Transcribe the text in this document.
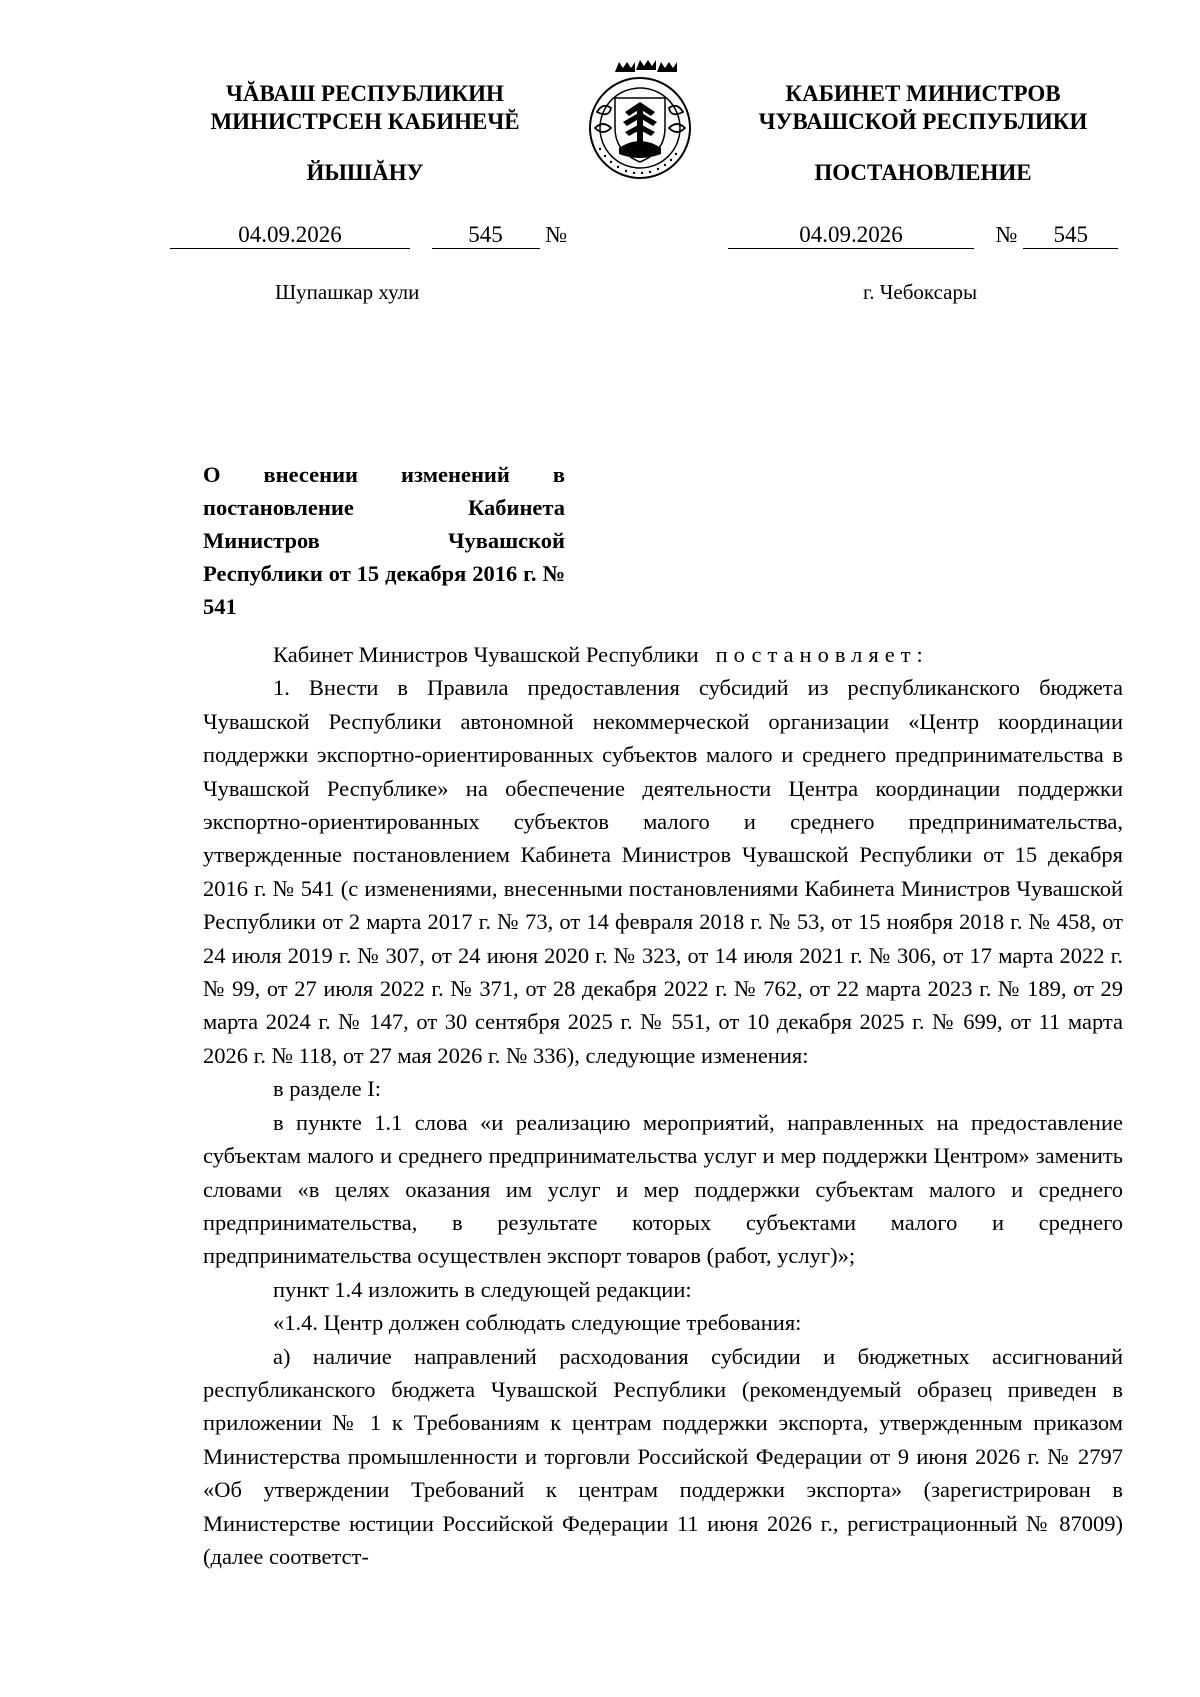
ЧĂВАШ РЕСПУБЛИКИН
МИНИСТРСЕН КАБИНЕЧĔ
ЙЫШĂНУ
КАБИНЕТ МИНИСТРОВ
ЧУВАШСКОЙ РЕСПУБЛИКИ
ПОСТАНОВЛЕНИЕ
04.09.2026	545 №	04.09.2026	№ 545
Шупашкар хули	г. Чебоксары
О внесении изменений в постановление Кабинета Министров Чувашской Республики от 15 декабря 2016 г. № 541

Кабинет Министров Чувашской Республики постановляет:

1. Внести в Правила предоставления субсидий из республиканского бюджета Чувашской Республики автономной некоммерческой организации «Центр координации поддержки экспортно-ориентированных субъектов малого и среднего предпринимательства в Чувашской Республике» на обеспечение деятельности Центра координации поддержки экспортно-ориентированных субъектов малого и среднего предпринимательства, утвержденные постановлением Кабинета Министров Чувашской Республики от 15 декабря 2016 г. № 541 (с изменениями, внесенными постановлениями Кабинета Министров Чувашской Республики от 2 марта 2017 г. № 73, от 14 февраля 2018 г. № 53, от 15 ноября 2018 г. № 458, от 24 июля 2019 г. № 307, от 24 июня 2020 г. № 323, от 14 июля 2021 г. № 306, от 17 марта 2022 г. № 99, от 27 июля 2022 г. № 371, от 28 декабря 2022 г. № 762, от 22 марта 2023 г. № 189, от 29 марта 2024 г. № 147, от 30 сентября 2025 г. № 551, от 10 декабря 2025 г. № 699, от 11 марта 2026 г. № 118, от 27 мая 2026 г. № 336), следующие изменения:

в разделе I:

в пункте 1.1 слова «и реализацию мероприятий, направленных на предоставление субъектам малого и среднего предпринимательства услуг и мер поддержки Центром» заменить словами «в целях оказания им услуг и мер поддержки субъектам малого и среднего предпринимательства, в результате которых субъектами малого и среднего предпринимательства осуществлен экспорт товаров (работ, услуг)»;

пункт 1.4 изложить в следующей редакции:

«1.4. Центр должен соблюдать следующие требования:

а) наличие направлений расходования субсидии и бюджетных ассигнований республиканского бюджета Чувашской Республики (рекомендуемый образец приведен в приложении № 1 к Требованиям к центрам поддержки экспорта, утвержденным приказом Министерства промышленности и торговли Российской Федерации от 9 июня 2026 г. № 2797 «Об утверждении Требований к центрам поддержки экспорта» (зарегистрирован в Министерстве юстиции Российской Федерации 11 июня 2026 г., регистрационный № 87009) (далее соответст-
